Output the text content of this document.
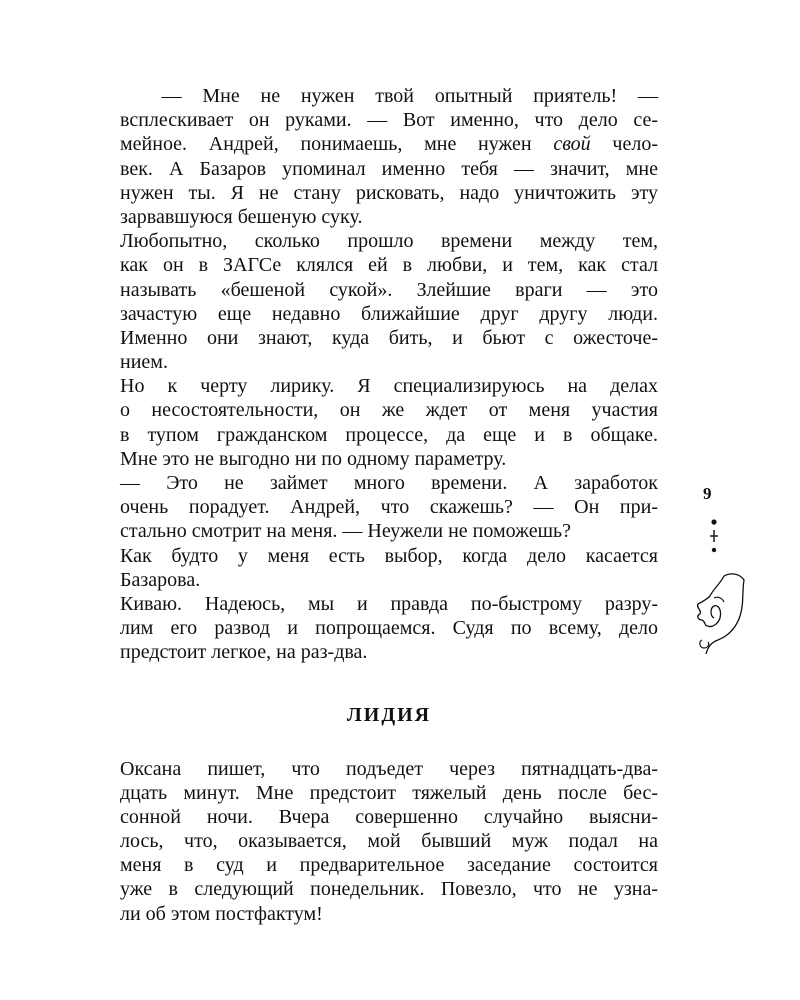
— Мне не нужен твой опытный приятель! —
всплескивает он руками. — Вот именно, что дело се-
мейное. Андрей, понимаешь, мне нужен свой чело-
век. А Базаров упоминал именно тебя — значит, мне
нужен ты. Я не стану рисковать, надо уничтожить эту
зарвавшуюся бешеную суку.
Любопытно, сколько прошло времени между тем,
как он в ЗАГСе клялся ей в любви, и тем, как стал
называть «бешеной сукой». Злейшие враги — это
зачастую еще недавно ближайшие друг другу люди.
Именно они знают, куда бить, и бьют с ожесточе-
нием.
Но к черту лирику. Я специализируюсь на делах
о несостоятельности, он же ждет от меня участия
в тупом гражданском процессе, да еще и в общаке.
Мне это не выгодно ни по одному параметру.
— Это не займет много времени. А заработок
очень порадует. Андрей, что скажешь? — Он при-
стально смотрит на меня. — Неужели не поможешь?
Как будто у меня есть выбор, когда дело касается
Базарова.
Киваю. Надеюсь, мы и правда по-быстрому разру-
лим его развод и попрощаемся. Судя по всему, дело
предстоит легкое, на раз-два.
ЛИДИЯ
Оксана пишет, что подъедет через пятнадцать-два-
дцать минут. Мне предстоит тяжелый день после бес-
сонной ночи. Вчера совершенно случайно выясни-
лось, что, оказывается, мой бывший муж подал на
меня в суд и предварительное заседание состоится
уже в следующий понедельник. Повезло, что не узна-
ли об этом постфактум!
9
